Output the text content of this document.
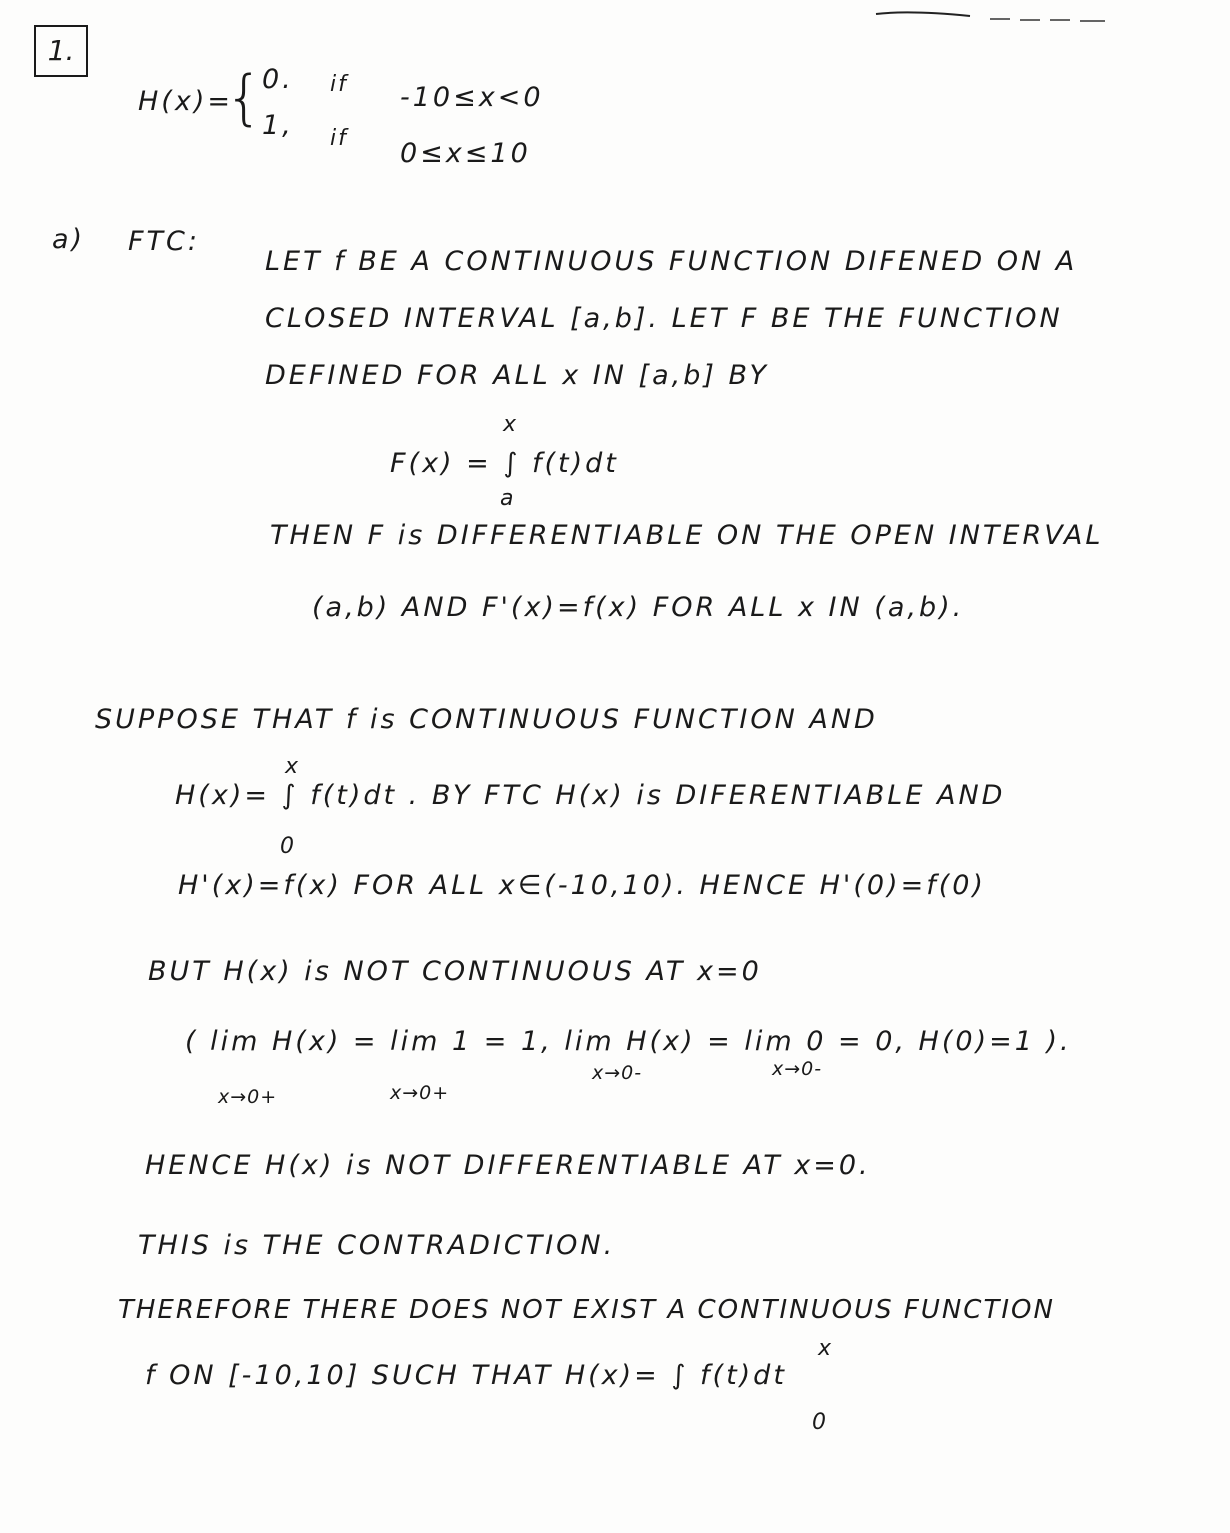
1.
H(x)=
{
0. if -10≤x<0
1, if 0≤x≤10
a) FTC:
LET f BE A CONTINUOUS FUNCTION DIFENED ON A
CLOSED INTERVAL [a,b]. LET F BE THE FUNCTION
DEFINED FOR ALL x IN [a,b] BY
x
F(x) = ∫ f(t)dt
a
THEN F is DIFFERENTIABLE ON THE OPEN INTERVAL
(a,b) AND F'(x)=f(x) FOR ALL x IN (a,b).
SUPPOSE THAT f is CONTINUOUS FUNCTION AND
x
H(x)= ∫ f(t)dt . BY FTC H(x) is DIFERENTIABLE AND
0
H'(x)=f(x) FOR ALL x∈(-10,10). HENCE H'(0)=f(0)
BUT H(x) is NOT CONTINUOUS AT x=0
( lim H(x) = lim 1 = 1, lim H(x) = lim 0 = 0, H(0)=1 ).
x→0+	x→0+
x→0-	x→0-
HENCE H(x) is NOT DIFFERENTIABLE AT x=0.
THIS is THE CONTRADICTION.
THEREFORE THERE DOES NOT EXIST A CONTINUOUS FUNCTION
x
f ON [-10,10] SUCH THAT H(x)= ∫ f(t)dt
0
